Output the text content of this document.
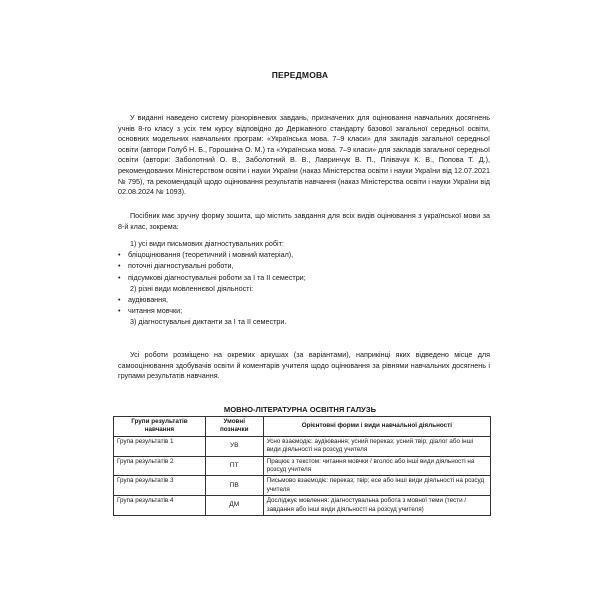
ПЕРЕДМОВА
У виданні наведено систему різнорівневих завдань, призначених для оцінювання навчальних досягнень учнів 8-го класу з усіх тем курсу відповідно до Державного стандарту базової загальної середньої освіти, основних модельних навчальних програм: «Українська мова. 7–9 класи» для закладів загальної середньої освіти (автори Голуб Н. Б., Горошкіна О. М.) та «Українська мова. 7–9 класи» для закладів загальної середньої освіти (автори: Заболотний О. В., Заболотний В. В., Лавринчук В. П., Плівачук К. В., Попова Т. Д.), рекомендованих Міністерством освіти і науки України (наказ Міністерства освіти і науки України від 12.07.2021 № 795), та рекомендацій щодо оцінювання результатів навчання (наказ Міністерства освіти і науки України від 02.08.2024 № 1093).
Посібник має зручну форму зошита, що містить завдання для всіх видів оцінювання з української мови за 8-й клас, зокрема:
1) усі види письмових діагностувальних робіт:
• бліцоцінювання (теоретичний і мовний матеріал),
• поточні діагностувальні роботи,
• підсумкові діагностувальні роботи за I та II семестри;
2) різні види мовленнєвої діяльності:
• аудіювання,
• читання мовчки;
3) діагностувальні диктанти за I та II семестри.
Усі роботи розміщено на окремих аркушах (за варіантами), наприкінці яких відведено місце для самооцінювання здобувачів освіти й коментарів учителя щодо оцінювання за рівнями навчальних досягнень і групами результатів навчання.
МОВНО-ЛІТЕРАТУРНА ОСВІТНЯ ГАЛУЗЬ
Групи результатів навчання	Умовні позначки	Орієнтовні форми і види навчальної діяльності
Група результатів 1	УВ	Усно взаємодіє: аудіювання; усний переказ; усний твір; діалог або інші види діяльності на розсуд учителя
Група результатів 2	ПТ	Працює з текстом: читання мовчки / вголос або інші види діяльності на розсуд учителя
Група результатів 3	ПВ	Письмово взаємодіє: переказ; твір; есе або інші види діяльності на розсуд учителя
Група результатів 4	ДМ	Досліджує мовлення: діагностувальна робота з мовної теми (тести / завдання або інші види діяльності на розсуд учителя)
